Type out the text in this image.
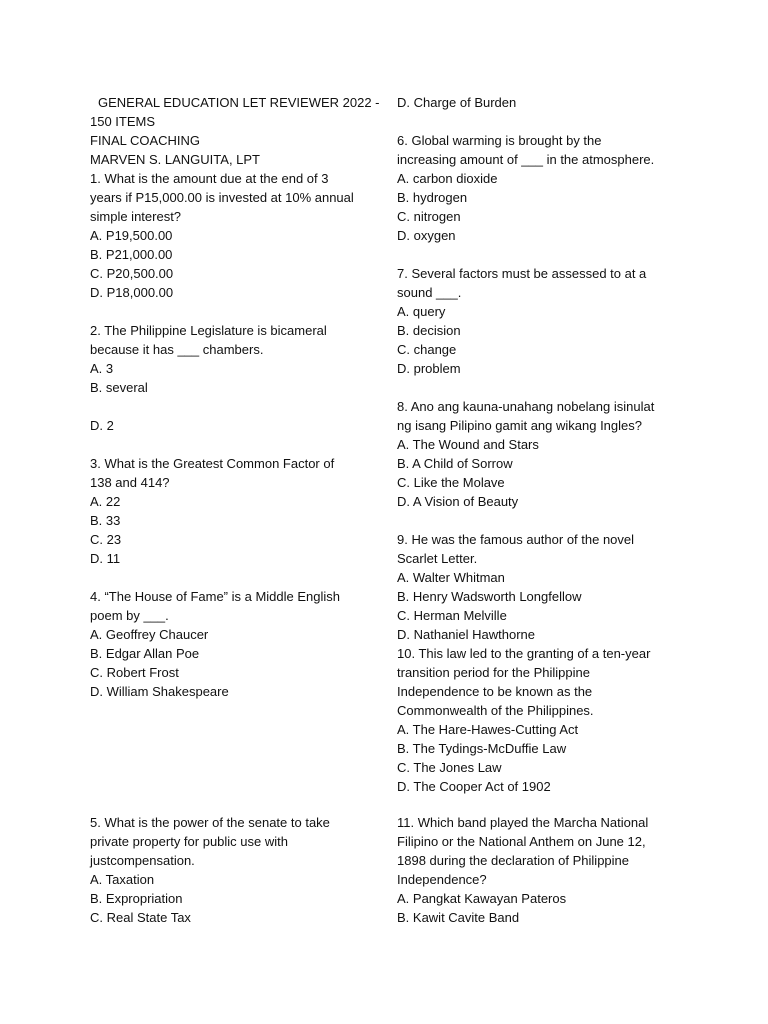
GENERAL EDUCATION LET REVIEWER 2022 -
150 ITEMS
FINAL COACHING
MARVEN S. LANGUITA, LPT
1. What is the amount due at the end of 3
years if P15,000.00 is invested at 10% annual
simple interest?
A. P19,500.00
B. P21,000.00
C. P20,500.00
D. P18,000.00
2. The Philippine Legislature is bicameral
because it has ___ chambers.
A. 3
B. several
D. 2
3. What is the Greatest Common Factor of
138 and 414?
A. 22
B. 33
C. 23
D. 11
4. “The House of Fame” is a Middle English
poem by ___.
A. Geoffrey Chaucer
B. Edgar Allan Poe
C. Robert Frost
D. William Shakespeare
5. What is the power of the senate to take
private property for public use with
justcompensation.
A. Taxation
B. Expropriation
C. Real State Tax
D. Charge of Burden
6. Global warming is brought by the
increasing amount of ___ in the atmosphere.
A. carbon dioxide
B. hydrogen
C. nitrogen
D. oxygen
7. Several factors must be assessed to at a
sound ___.
A. query
B. decision
C. change
D. problem
8. Ano ang kauna-unahang nobelang isinulat
ng isang Pilipino gamit ang wikang Ingles?
A. The Wound and Stars
B. A Child of Sorrow
C. Like the Molave
D. A Vision of Beauty
9. He was the famous author of the novel
Scarlet Letter.
A. Walter Whitman
B. Henry Wadsworth Longfellow
C. Herman Melville
D. Nathaniel Hawthorne
10. This law led to the granting of a ten-year
transition period for the Philippine
Independence to be known as the
Commonwealth of the Philippines.
A. The Hare-Hawes-Cutting Act
B. The Tydings-McDuffie Law
C. The Jones Law
D. The Cooper Act of 1902
11. Which band played the Marcha National
Filipino or the National Anthem on June 12,
1898 during the declaration of Philippine
Independence?
A. Pangkat Kawayan Pateros
B. Kawit Cavite Band
